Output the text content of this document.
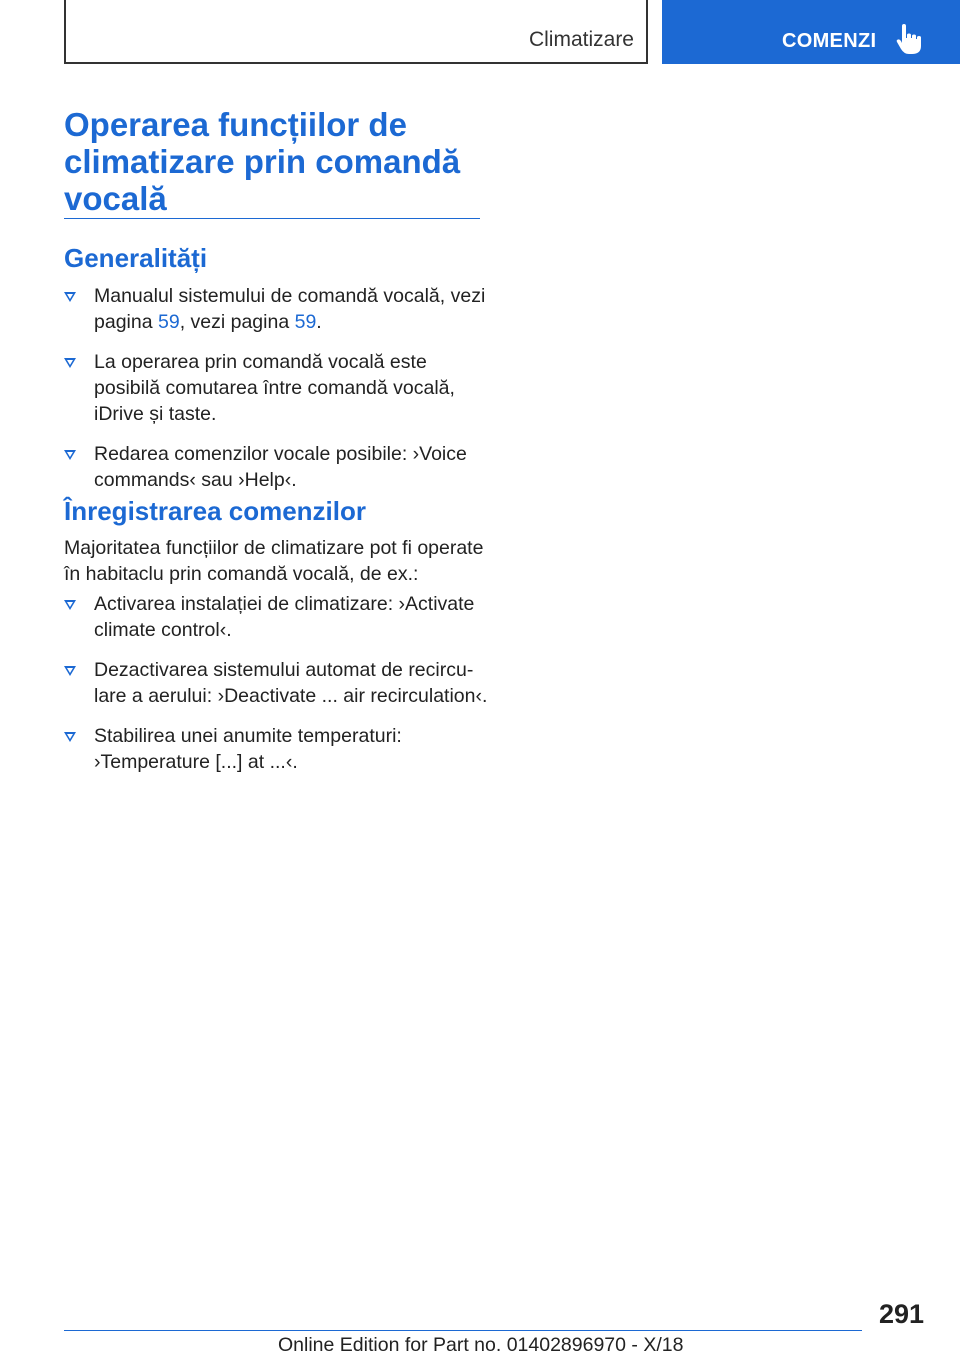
Climatizare	COMENZI
Operarea funcțiilor de climatizare prin comandă vocală
Generalități
Manualul sistemului de comandă vocală, vezi pagina 59, vezi pagina 59.
La operarea prin comandă vocală este posibilă comutarea între comandă vocală, iDrive și taste.
Redarea comenzilor vocale posibile: ›Voice commands‹ sau ›Help‹.
Înregistrarea comenzilor

Majoritatea funcțiilor de climatizare pot fi operate în habitaclu prin comandă vocală, de ex.:

Activarea instalației de climatizare: ›Activate climate control‹.
Dezactivarea sistemului automat de recirculare a aerului: ›Deactivate ... air recirculation‹.
Stabilirea unei anumite temperaturi: ›Temperature [...] at ...‹.
291
Online Edition for Part no. 01402896970 - X/18
